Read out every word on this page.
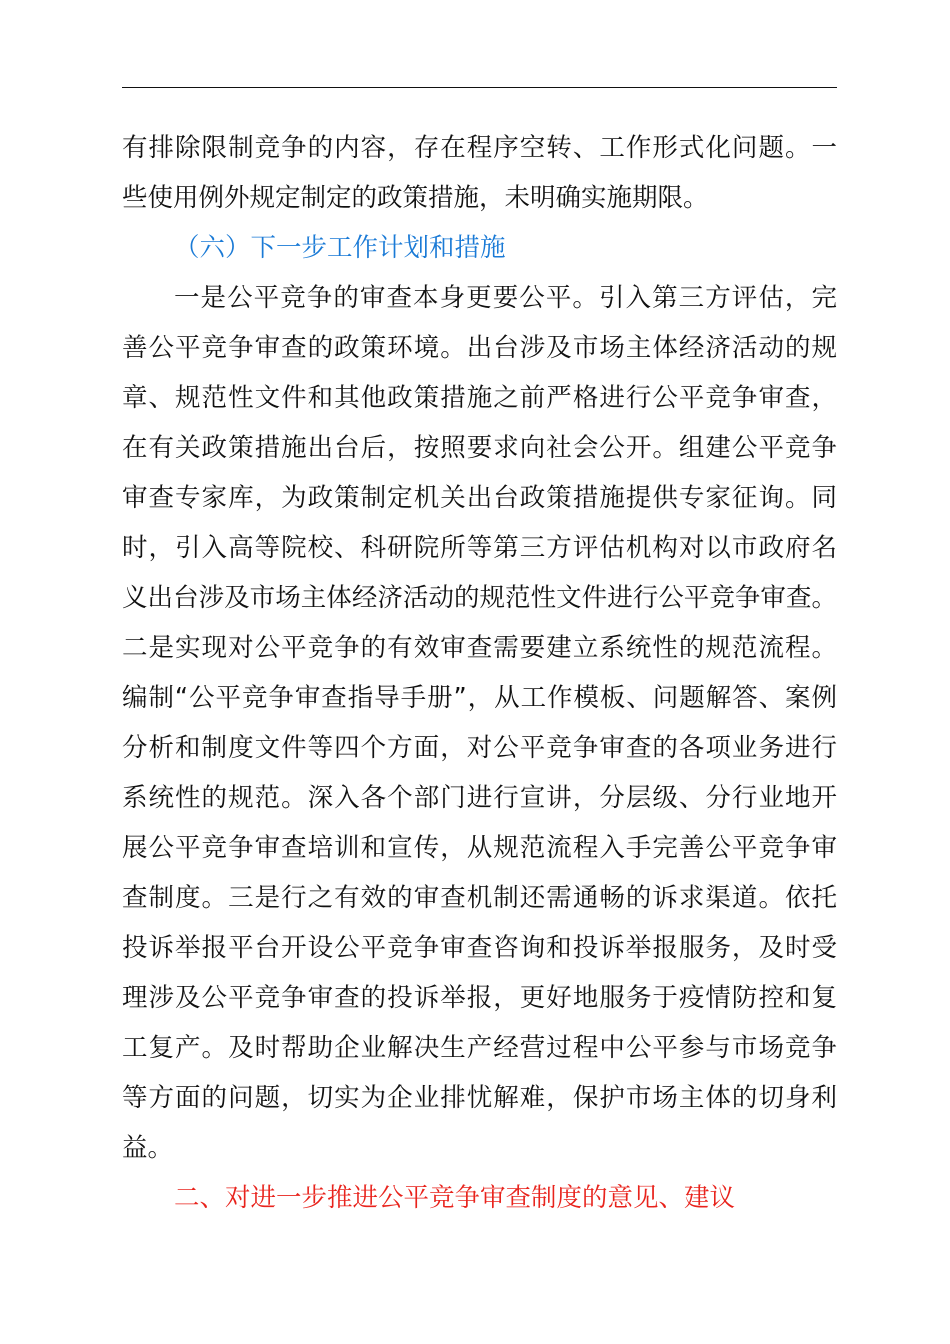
有排除限制竞争的内容，存在程序空转、工作形式化问题。一
些使用例外规定制定的政策措施，未明确实施期限。
（六）下一步工作计划和措施
一是公平竞争的审查本身更要公平。引入第三方评估，完
善公平竞争审查的政策环境。出台涉及市场主体经济活动的规
章、规范性文件和其他政策措施之前严格进行公平竞争审查，
在有关政策措施出台后，按照要求向社会公开。组建公平竞争
审查专家库，为政策制定机关出台政策措施提供专家征询。同
时，引入高等院校、科研院所等第三方评估机构对以市政府名
义出台涉及市场主体经济活动的规范性文件进行公平竞争审查。
二是实现对公平竞争的有效审查需要建立系统性的规范流程。
编制“公平竞争审查指导手册”，从工作模板、问题解答、案例
分析和制度文件等四个方面，对公平竞争审查的各项业务进行
系统性的规范。深入各个部门进行宣讲，分层级、分行业地开
展公平竞争审查培训和宣传，从规范流程入手完善公平竞争审
查制度。三是行之有效的审查机制还需通畅的诉求渠道。依托
投诉举报平台开设公平竞争审查咨询和投诉举报服务，及时受
理涉及公平竞争审查的投诉举报，更好地服务于疫情防控和复
工复产。及时帮助企业解决生产经营过程中公平参与市场竞争
等方面的问题，切实为企业排忧解难，保护市场主体的切身利
益。
二、对进一步推进公平竞争审查制度的意见、建议
